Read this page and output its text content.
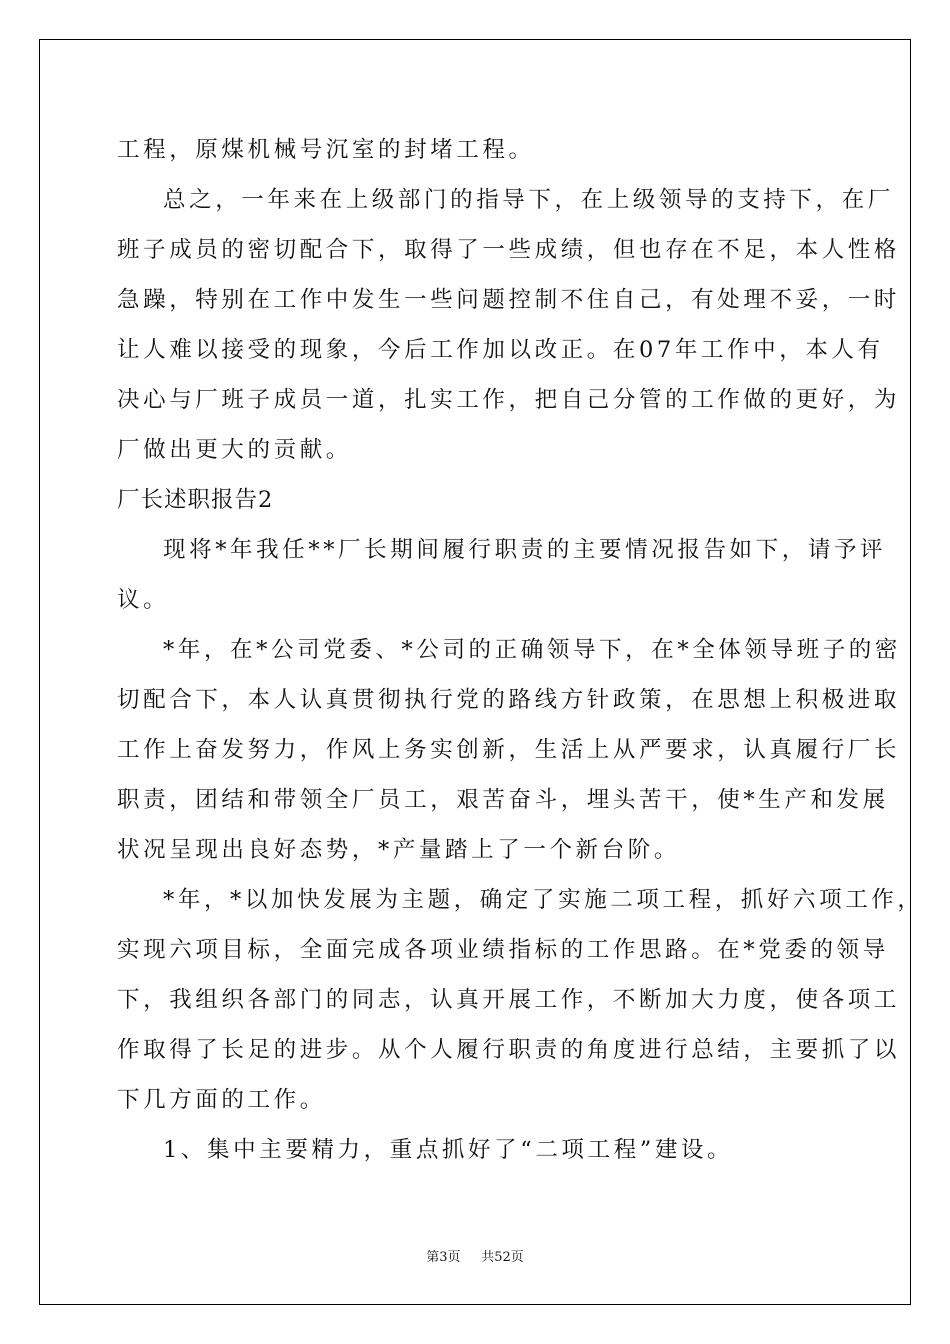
工程，原煤机械号沉室的封堵工程。

总之，一年来在上级部门的指导下，在上级领导的支持下，在厂

班子成员的密切配合下，取得了一些成绩，但也存在不足，本人性格

急躁，特别在工作中发生一些问题控制不住自己，有处理不妥，一时

让人难以接受的现象，今后工作加以改正。在07年工作中，本人有

决心与厂班子成员一道，扎实工作，把自己分管的工作做的更好，为

厂做出更大的贡献。

厂长述职报告2

现将*年我任**厂长期间履行职责的主要情况报告如下，请予评

议。

*年，在*公司党委、*公司的正确领导下，在*全体领导班子的密

切配合下，本人认真贯彻执行党的路线方针政策，在思想上积极进取

工作上奋发努力，作风上务实创新，生活上从严要求，认真履行厂长

职责，团结和带领全厂员工，艰苦奋斗，埋头苦干，使*生产和发展

状况呈现出良好态势，*产量踏上了一个新台阶。

*年，*以加快发展为主题，确定了实施二项工程，抓好六项工作，

实现六项目标，全面完成各项业绩指标的工作思路。在*党委的领导

下，我组织各部门的同志，认真开展工作，不断加大力度，使各项工

作取得了长足的进步。从个人履行职责的角度进行总结，主要抓了以

下几方面的工作。

1、集中主要精力，重点抓好了“二项工程”建设。

第3页 共52页
